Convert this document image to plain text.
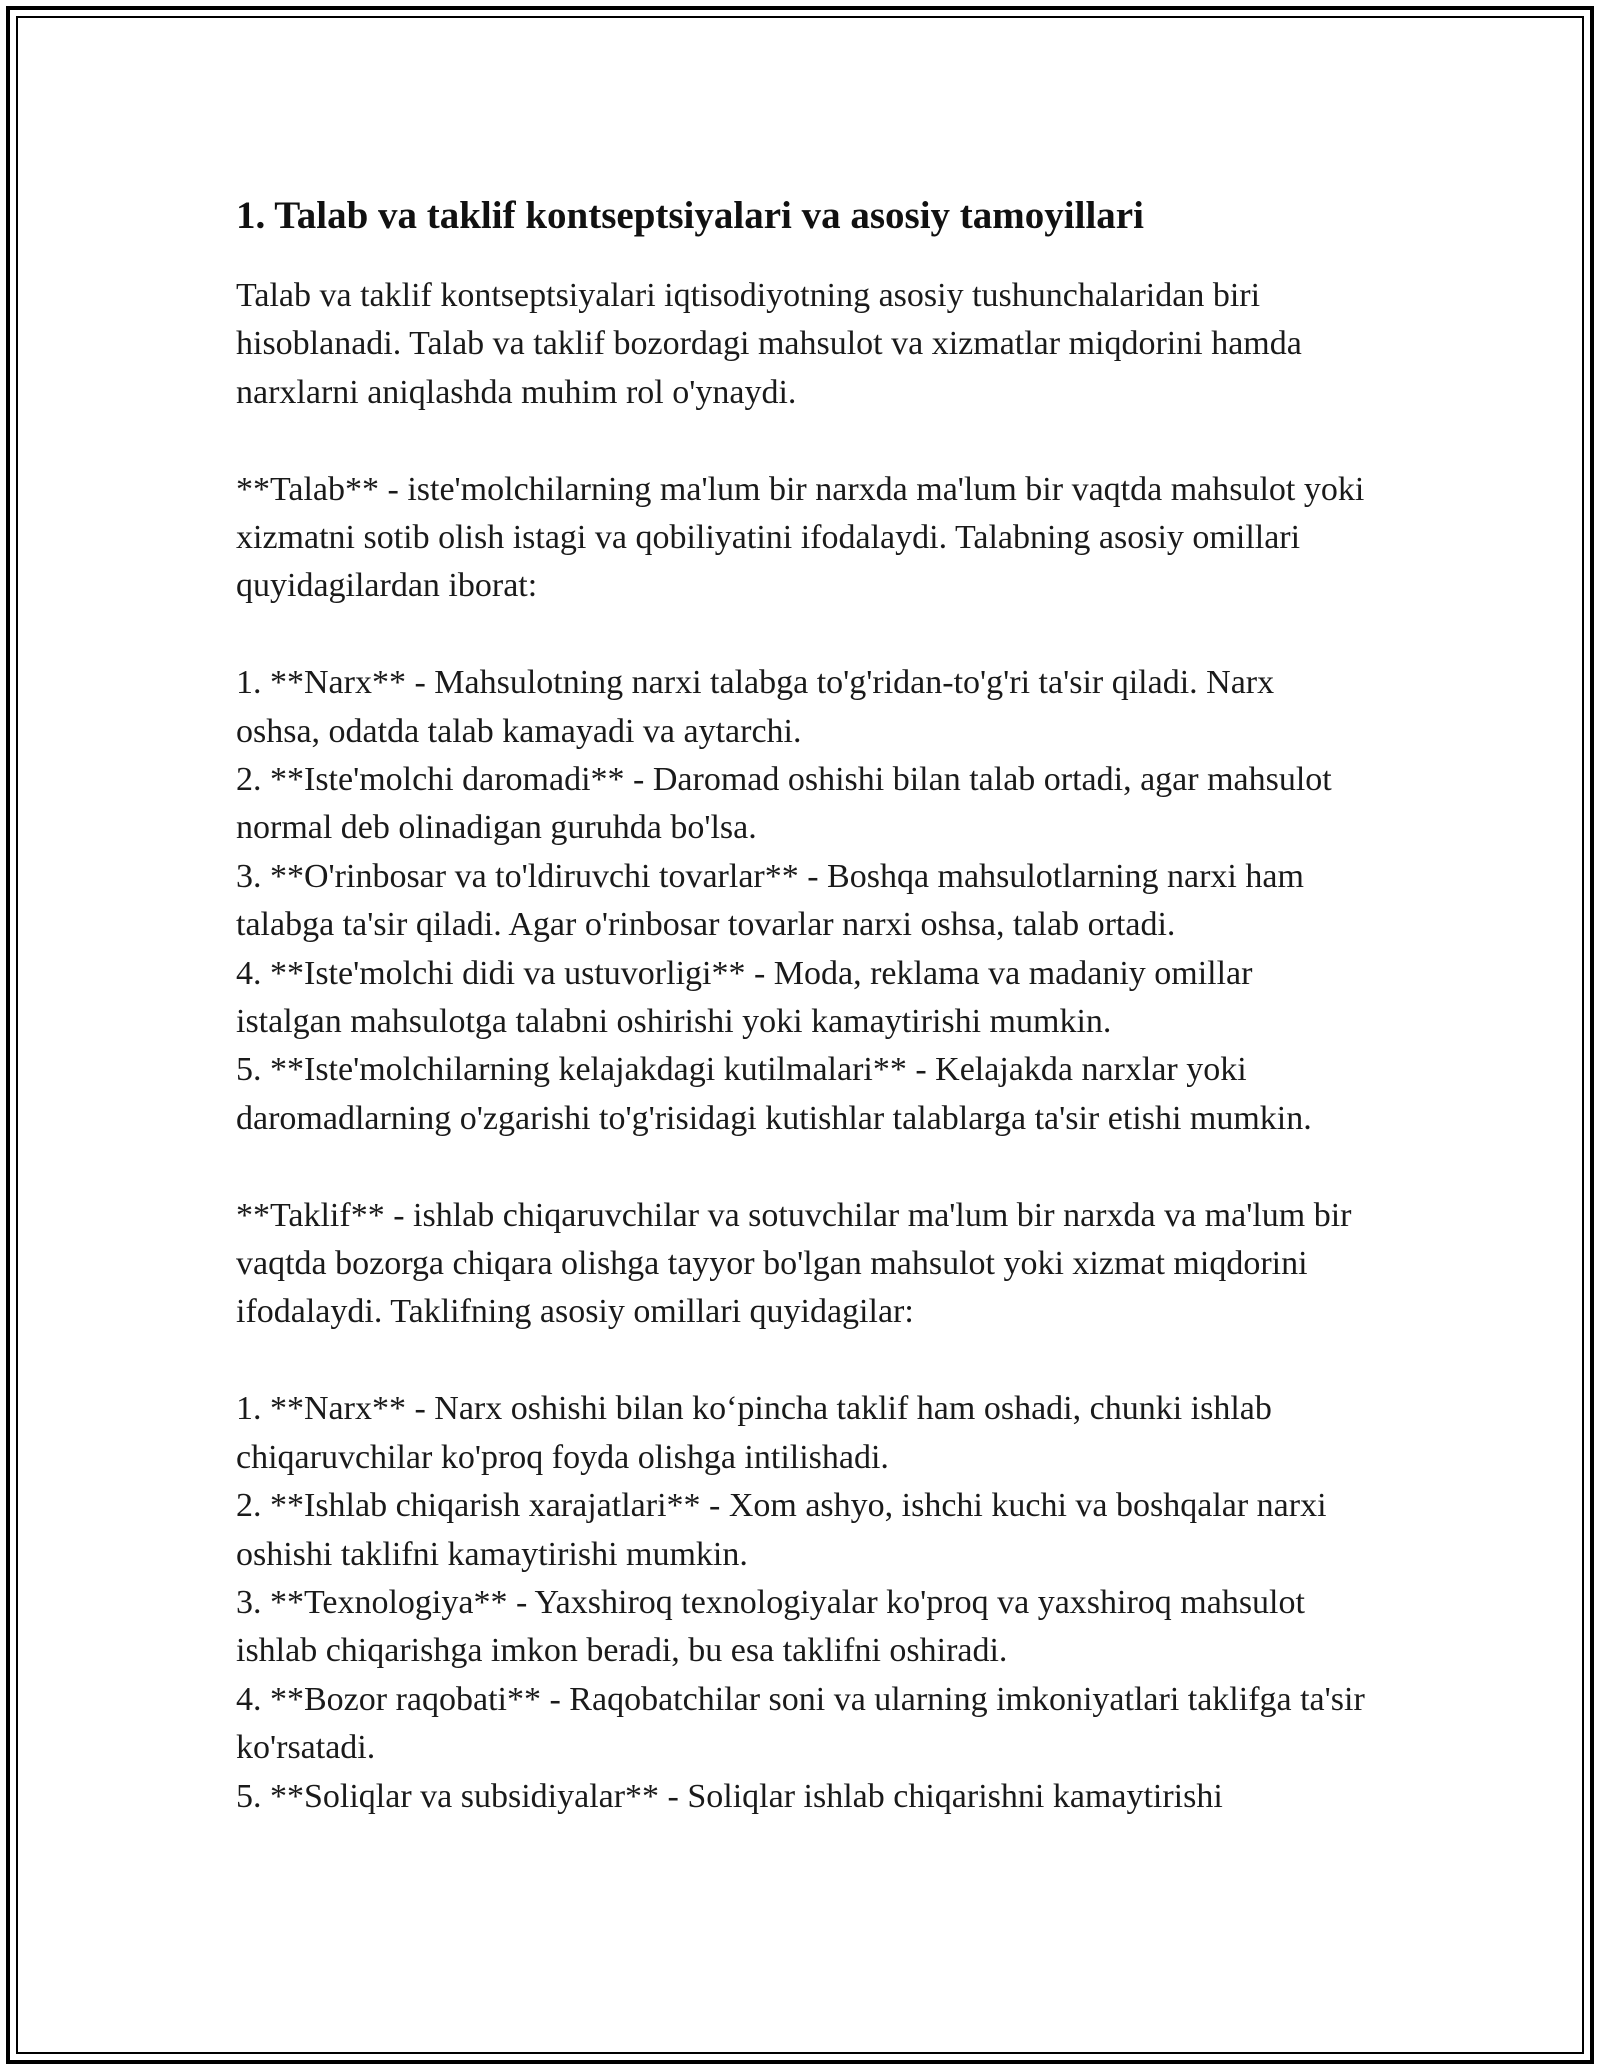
1. Talab va taklif kontseptsiyalari va asosiy tamoyillari

Talab va taklif kontseptsiyalari iqtisodiyotning asosiy tushunchalaridan biri hisoblanadi. Talab va taklif bozordagi mahsulot va xizmatlar miqdorini hamda narxlarni aniqlashda muhim rol o'ynaydi.

**Talab** - iste'molchilarning ma'lum bir narxda ma'lum bir vaqtda mahsulot yoki xizmatni sotib olish istagi va qobiliyatini ifodalaydi. Talabning asosiy omillari quyidagilardan iborat:

1. **Narx** - Mahsulotning narxi talabga to'g'ridan-to'g'ri ta'sir qiladi. Narx oshsa, odatda talab kamayadi va aytarchi.

2. **Iste'molchi daromadi** - Daromad oshishi bilan talab ortadi, agar mahsulot normal deb olinadigan guruhda bo'lsa.

3. **O'rinbosar va to'ldiruvchi tovarlar** - Boshqa mahsulotlarning narxi ham talabga ta'sir qiladi. Agar o'rinbosar tovarlar narxi oshsa, talab ortadi.

4. **Iste'molchi didi va ustuvorligi** - Moda, reklama va madaniy omillar istalgan mahsulotga talabni oshirishi yoki kamaytirishi mumkin.

5. **Iste'molchilarning kelajakdagi kutilmalari** - Kelajakda narxlar yoki daromadlarning o'zgarishi to'g'risidagi kutishlar talablarga ta'sir etishi mumkin.

**Taklif** - ishlab chiqaruvchilar va sotuvchilar ma'lum bir narxda va ma'lum bir vaqtda bozorga chiqara olishga tayyor bo'lgan mahsulot yoki xizmat miqdorini ifodalaydi. Taklifning asosiy omillari quyidagilar:

1. **Narx** - Narx oshishi bilan ko‘pincha taklif ham oshadi, chunki ishlab chiqaruvchilar ko'proq foyda olishga intilishadi.

2. **Ishlab chiqarish xarajatlari** - Xom ashyo, ishchi kuchi va boshqalar narxi oshishi taklifni kamaytirishi mumkin.

3. **Texnologiya** - Yaxshiroq texnologiyalar ko'proq va yaxshiroq mahsulot ishlab chiqarishga imkon beradi, bu esa taklifni oshiradi.

4. **Bozor raqobati** - Raqobatchilar soni va ularning imkoniyatlari taklifga ta'sir ko'rsatadi.

5. **Soliqlar va subsidiyalar** - Soliqlar ishlab chiqarishni kamaytirishi
